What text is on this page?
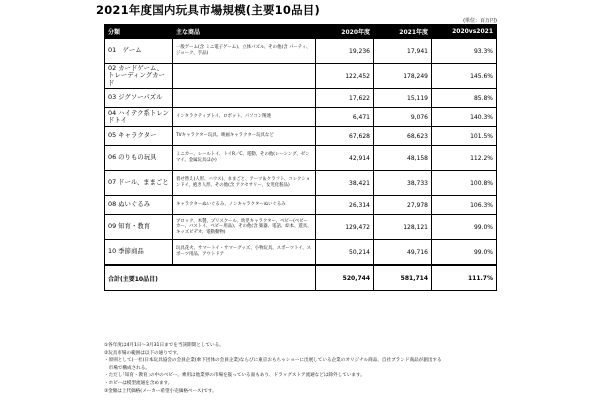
2021年度国内玩具市場規模(主要10品目)
(単位：百万円)
分類	主な商品	2020年度	2021年度	2020vs2021
01　ゲーム	一般ゲーム(含 ミニ電子ゲーム)、立体パズル、その他(含 パーティ、ジョーク、手品)	19,236	17,941	93.3%
02 カードゲーム、トレーディングカード		122,452	178,249	145.6%
03 ジグソーパズル		17,622	15,119	85.8%
04 ハイテク系トレンドトイ	インタラクティブトイ、ロボット、パソコン関連	6,471	9,076	140.3%
05 キャラクター	TVキャラクター玩具、映画キャラクター玩具など	67,628	68,623	101.5%
06 のりもの玩具	ミニカー、レールトイ、トイR／C、電動、その他(レーシング、ゼンマイ、金属玩具ほか)	42,914	48,158	112.2%
07 ドール、ままごと	着せ替え(人形、ハウス)、ままごと、アーツ＆クラフト、コレクションドイ、抱き人形、その他(含 アクセサリー、女児化粧品)	38,421	38,733	100.8%
08 ぬいぐるみ	キャラクターぬいぐるみ、ノンキャラクターぬいぐるみ	26,314	27,978	106.3%
09 知育・教育	ブロック、木製、プリスクール、幼児キャラクター、ベビー(ベビーカー、バストイ、ベビー用品)、その他(含 楽器、電話、絵本、遊具、キッズビデオ、電動動物)	129,472	128,121	99.0%
10 季節商品	玩具花火、サマートイ・サマーグッズ、小物玩具、スポーツトイ、スポーツ用品、アウトドア	50,214	49,716	99.0%
合計(主要10品目)		520,744	581,714	111.7%
①各年度は4月1日～3月31日までを当該期間としている。
②玩具市場の範囲は以下の通りです。
・原則として(一社)日本玩具協会の会員企業(傘下団体の会員企業)ならびに東京おもちゃショーに出展している企業のオリジナル商品、自社ブランド商品が創出する
　市場で構成される。
・ただし｢知育・教育｣の中のベビー、乗用は他業界の市場を扱っている面もあり、ドラッグストア流通などは除外しています。
・ホビーは模型流通を含めます。
③金額は上代価格(メーカー希望小売価格ベース)です。
